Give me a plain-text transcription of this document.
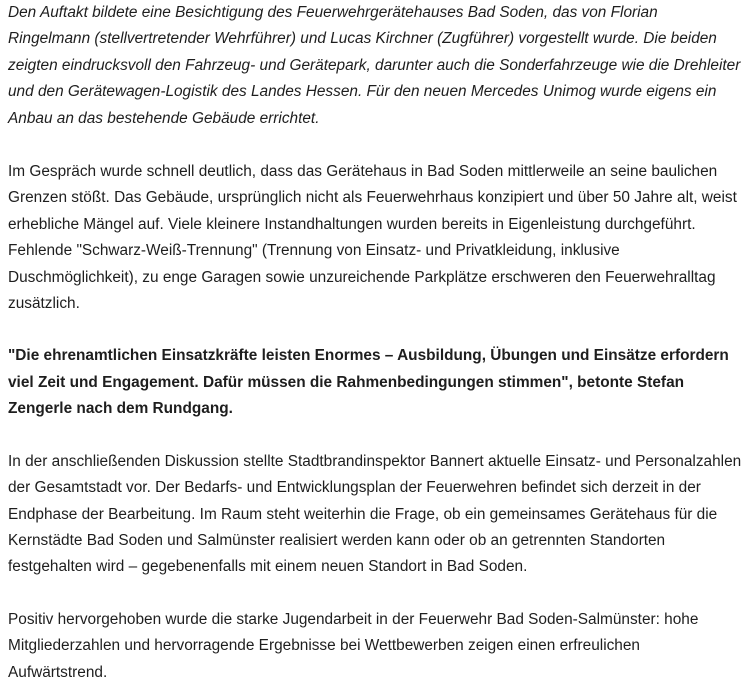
Den Auftakt bildete eine Besichtigung des Feuerwehrgerätehauses Bad Soden, das von Florian Ringelmann (stellvertretender Wehrführer) und Lucas Kirchner (Zugführer) vorgestellt wurde. Die beiden zeigten eindrucksvoll den Fahrzeug- und Gerätepark, darunter auch die Sonderfahrzeuge wie die Drehleiter und den Gerätewagen-Logistik des Landes Hessen. Für den neuen Mercedes Unimog wurde eigens ein Anbau an das bestehende Gebäude errichtet.

Im Gespräch wurde schnell deutlich, dass das Gerätehaus in Bad Soden mittlerweile an seine baulichen Grenzen stößt. Das Gebäude, ursprünglich nicht als Feuerwehrhaus konzipiert und über 50 Jahre alt, weist erhebliche Mängel auf. Viele kleinere Instandhaltungen wurden bereits in Eigenleistung durchgeführt. Fehlende "Schwarz-Weiß-Trennung" (Trennung von Einsatz- und Privatkleidung, inklusive Duschmöglichkeit), zu enge Garagen sowie unzureichende Parkplätze erschweren den Feuerwehralltag zusätzlich.

"Die ehrenamtlichen Einsatzkräfte leisten Enormes – Ausbildung, Übungen und Einsätze erfordern viel Zeit und Engagement. Dafür müssen die Rahmenbedingungen stimmen", betonte Stefan Zengerle nach dem Rundgang.

In der anschließenden Diskussion stellte Stadtbrandinspektor Bannert aktuelle Einsatz- und Personalzahlen der Gesamtstadt vor. Der Bedarfs- und Entwicklungsplan der Feuerwehren befindet sich derzeit in der Endphase der Bearbeitung. Im Raum steht weiterhin die Frage, ob ein gemeinsames Gerätehaus für die Kernstädte Bad Soden und Salmünster realisiert werden kann oder ob an getrennten Standorten festgehalten wird – gegebenenfalls mit einem neuen Standort in Bad Soden.

Positiv hervorgehoben wurde die starke Jugendarbeit in der Feuerwehr Bad Soden-Salmünster: hohe Mitgliederzahlen und hervorragende Ergebnisse bei Wettbewerben zeigen einen erfreulichen Aufwärtstrend.
